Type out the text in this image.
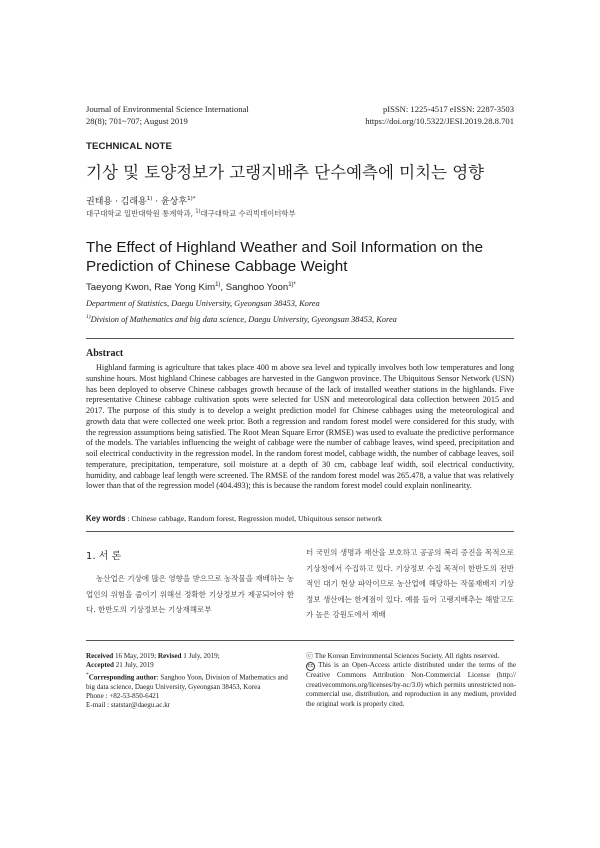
Journal of Environmental Science International
28(8); 701~707; August 2019
pISSN: 1225-4517 eISSN: 2287-3503
https://doi.org/10.5322/JESI.2019.28.8.701
TECHNICAL NOTE
기상 및 토양정보가 고랭지배추 단수예측에 미치는 영향
권태용 · 김래용$^{1)}$ · 윤상후$^{1)*}$
대구대학교 일반대학원 통계학과, $^{1)}$대구대학교 수리빅데이터학부
The Effect of Highland Weather and Soil Information on the Prediction of Chinese Cabbage Weight
Taeyong Kwon, Rae Yong Kim$^{1)}$, Sanghoo Yoon$^{1)*}$
Department of Statistics, Daegu University, Gyeongsan 38453, Korea
$^{1)}$Division of Mathematics and big data science, Daegu University, Gyeongsan 38453, Korea
Abstract
Highland farming is agriculture that takes place 400 m above sea level and typically involves both low temperatures and long sunshine hours. Most highland Chinese cabbages are harvested in the Gangwon province. The Ubiquitous Sensor Network (USN) has been deployed to observe Chinese cabbages growth because of the lack of installed weather stations in the highlands. Five representative Chinese cabbage cultivation spots were selected for USN and meteorological data collection between 2015 and 2017. The purpose of this study is to develop a weight prediction model for Chinese cabbages using the meteorological and growth data that were collected one week prior. Both a regression and random forest model were considered for this study, with the regression assumptions being satisfied. The Root Mean Square Error (RMSE) was used to evaluate the predictive performance of the models. The variables influencing the weight of cabbage were the number of cabbage leaves, wind speed, precipitation and soil electrical conductivity in the regression model. In the random forest model, cabbage width, the number of cabbage leaves, soil temperature, precipitation, temperature, soil moisture at a depth of 30 cm, cabbage leaf width, soil electrical conductivity, humidity, and cabbage leaf length were screened. The RMSE of the random forest model was 265.478, a value that was relatively lower than that of the regression model (404.493); this is because the random forest model could explain nonlinearity.
Key words : Chinese cabbage, Random forest, Regression model, Ubiquitous sensor network
1. 서 론
농산업은 기상에 많은 영향을 받으므로 농작물을 재배하는 농업인의 위험을 줄이기 위해선 정확한 기상정보가 제공되어야 한다. 한반도의 기상정보는 기상재해로부
터 국민의 생명과 재산을 보호하고 공공의 복리 증진을 목적으로 기상청에서 수집하고 있다. 기상정보 수집 목적이 한반도의 전반적인 대기 현상 파악이므로 농산업에 해당하는 작물재배지 기상정보 생산에는 한계점이 있다. 예를 들어 고랭지배추는 해발고도가 높은 강원도에서 재배
Received 16 May, 2019; Revised 1 July, 2019;
Accepted 21 July, 2019
*Corresponding author: Sanghoo Yoon, Division of Mathematics and big data science, Daegu University, Gyeongsan 38453, Korea
Phone : +82-53-850-6421
E-mail : statstar@daegu.ac.kr
ⓒ The Korean Environmental Sciences Society. All rights reserved.
cc This is an Open-Access article distributed under the terms of the Creative Commons Attribution Non-Commercial License (http:// creativecommons.org/licenses/by-nc/3.0) which permits unrestricted non-commercial use, distribution, and reproduction in any medium, provided the original work is properly cited.
